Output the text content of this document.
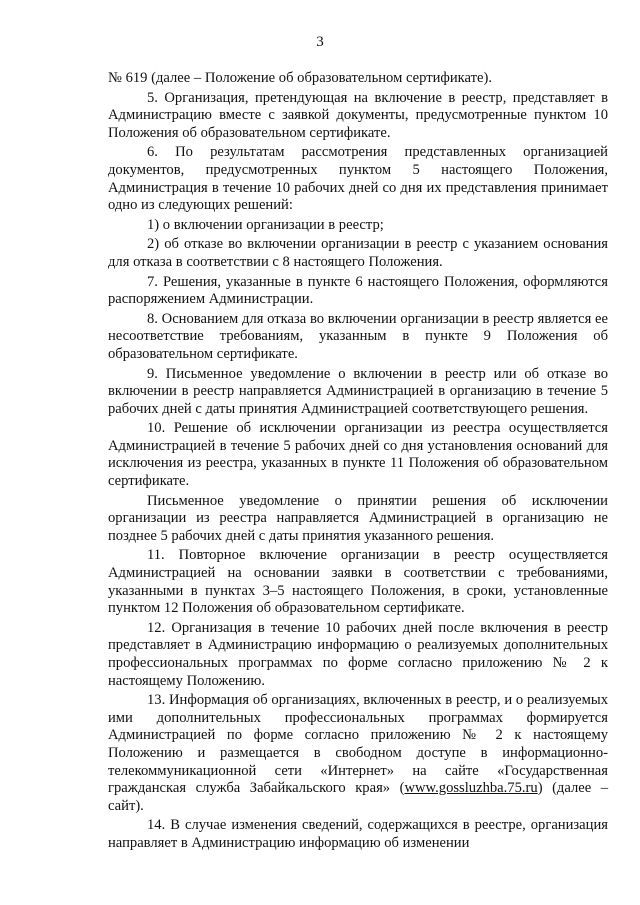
3

№ 619 (далее – Положение об образовательном сертификате).

5. Организация, претендующая на включение в реестр, представляет в Администрацию вместе с заявкой документы, предусмотренные пунктом 10 Положения об образовательном сертификате.

6. По результатам рассмотрения представленных организацией документов, предусмотренных пунктом 5 настоящего Положения, Администрация в течение 10 рабочих дней со дня их представления принимает одно из следующих решений:

1) о включении организации в реестр;

2) об отказе во включении организации в реестр с указанием основания для отказа в соответствии с 8 настоящего Положения.

7. Решения, указанные в пункте 6 настоящего Положения, оформляются распоряжением Администрации.

8. Основанием для отказа во включении организации в реестр является ее несоответствие требованиям, указанным в пункте 9 Положения об образовательном сертификате.

9. Письменное уведомление о включении в реестр или об отказе во включении в реестр направляется Администрацией в организацию в течение 5 рабочих дней с даты принятия Администрацией соответствующего решения.

10. Решение об исключении организации из реестра осуществляется Администрацией в течение 5 рабочих дней со дня установления оснований для исключения из реестра, указанных в пункте 11 Положения об образовательном сертификате.

Письменное уведомление о принятии решения об исключении организации из реестра направляется Администрацией в организацию не позднее 5 рабочих дней с даты принятия указанного решения.

11. Повторное включение организации в реестр осуществляется Администрацией на основании заявки в соответствии с требованиями, указанными в пунктах 3–5 настоящего Положения, в сроки, установленные пунктом 12 Положения об образовательном сертификате.

12. Организация в течение 10 рабочих дней после включения в реестр представляет в Администрацию информацию о реализуемых дополнительных профессиональных программах по форме согласно приложению № 2 к настоящему Положению.

13. Информация об организациях, включенных в реестр, и о реализуемых ими дополнительных профессиональных программах формируется Администрацией по форме согласно приложению № 2 к настоящему Положению и размещается в свободном доступе в информационно-телекоммуникационной сети «Интернет» на сайте «Государственная гражданская служба Забайкальского края» (www.gossluzhba.75.ru) (далее – сайт).

14. В случае изменения сведений, содержащихся в реестре, организация направляет в Администрацию информацию об изменении
